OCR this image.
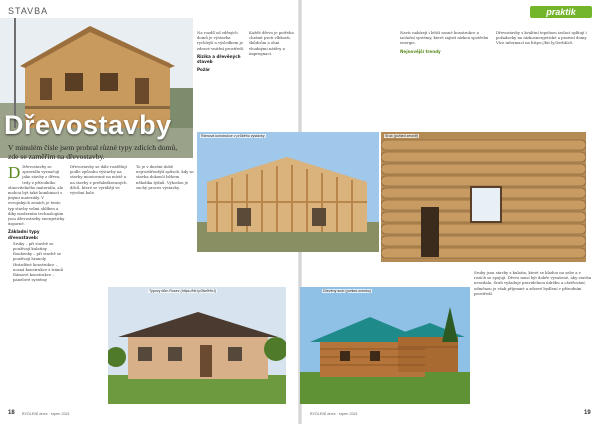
STAVBA
Dřevostavby
V minulém čísle jsem probral různé typy zdících domů,
zde se zaměřím na dřevostavby.
D Dřevostavby se zpravidla vyznačují jako stavby z dřeva, tedy z přírodního obnovitelného materiálu, ale mohou být také kombinací s jinými materiály. V evropských zemích je tento typ stavby velmi oblíben a díky moderním technologiím jsou dřevostavby energeticky úsporné.

Základní typy dřevostaveb:
• Sruby – při stavbě se používají kulatiny
• Roubenky – při stavbě se používají hranoly
• Hrázděné konstrukce – nosná konstrukce z trámů
• Rámové konstrukce – panelové systémy

Dřevostavby se dále rozdělují podle způsobu výstavby na stavby montované na místě a na stavby z prefabrikovaných dílců, které se vyrábějí ve výrobní hale.

To je v dnešní době nejrozšířenější způsob, kdy se stavba dokončí během několika týdnů. Výhodou je suchý proces výstavby.

Na rozdíl od zděných domů je výstavba rychlejší a výsledkem je zdravé vnitřní prostředí.

Rizika a dřevěných staveb
Požár

Každé dřevo je potřeba chránit proti vlhkosti, škůdcům a ohni vhodnými nátěry a impregnací.

18 BYDLENÍ dnes · srpen 2021
praktik

Navíc nabízejí i lehčí nosné konstrukce a izolační systémy, které zajistí nízkou spotřebu energie.

Nejnovější trendy

Dřevostavby s kvalitní tepelnou izolací splňují i požadavky na nízkoenergetické a pasivní domy. Více informací na https://bit.ly/3erhKs8.

Rámová konstrukce v průběhu výstavby	Srub (pohled zevnitř)
Typový dům Rosev (https://bit.ly/3fw9HhJ)	Dřevěný srub (pohled zvenku)

Sruby jsou stavby z kulatin, které se kladou na sebe a v rozích se spojují. Dřevo musí být dobře vysušené, aby stavba nesedala. Srub vyžaduje pravidelnou údržbu a ošetřování, odměnou je však příjemné a zdravé bydlení v přírodním prostředí.

BYDLENÍ dnes · srpen 2021	19
